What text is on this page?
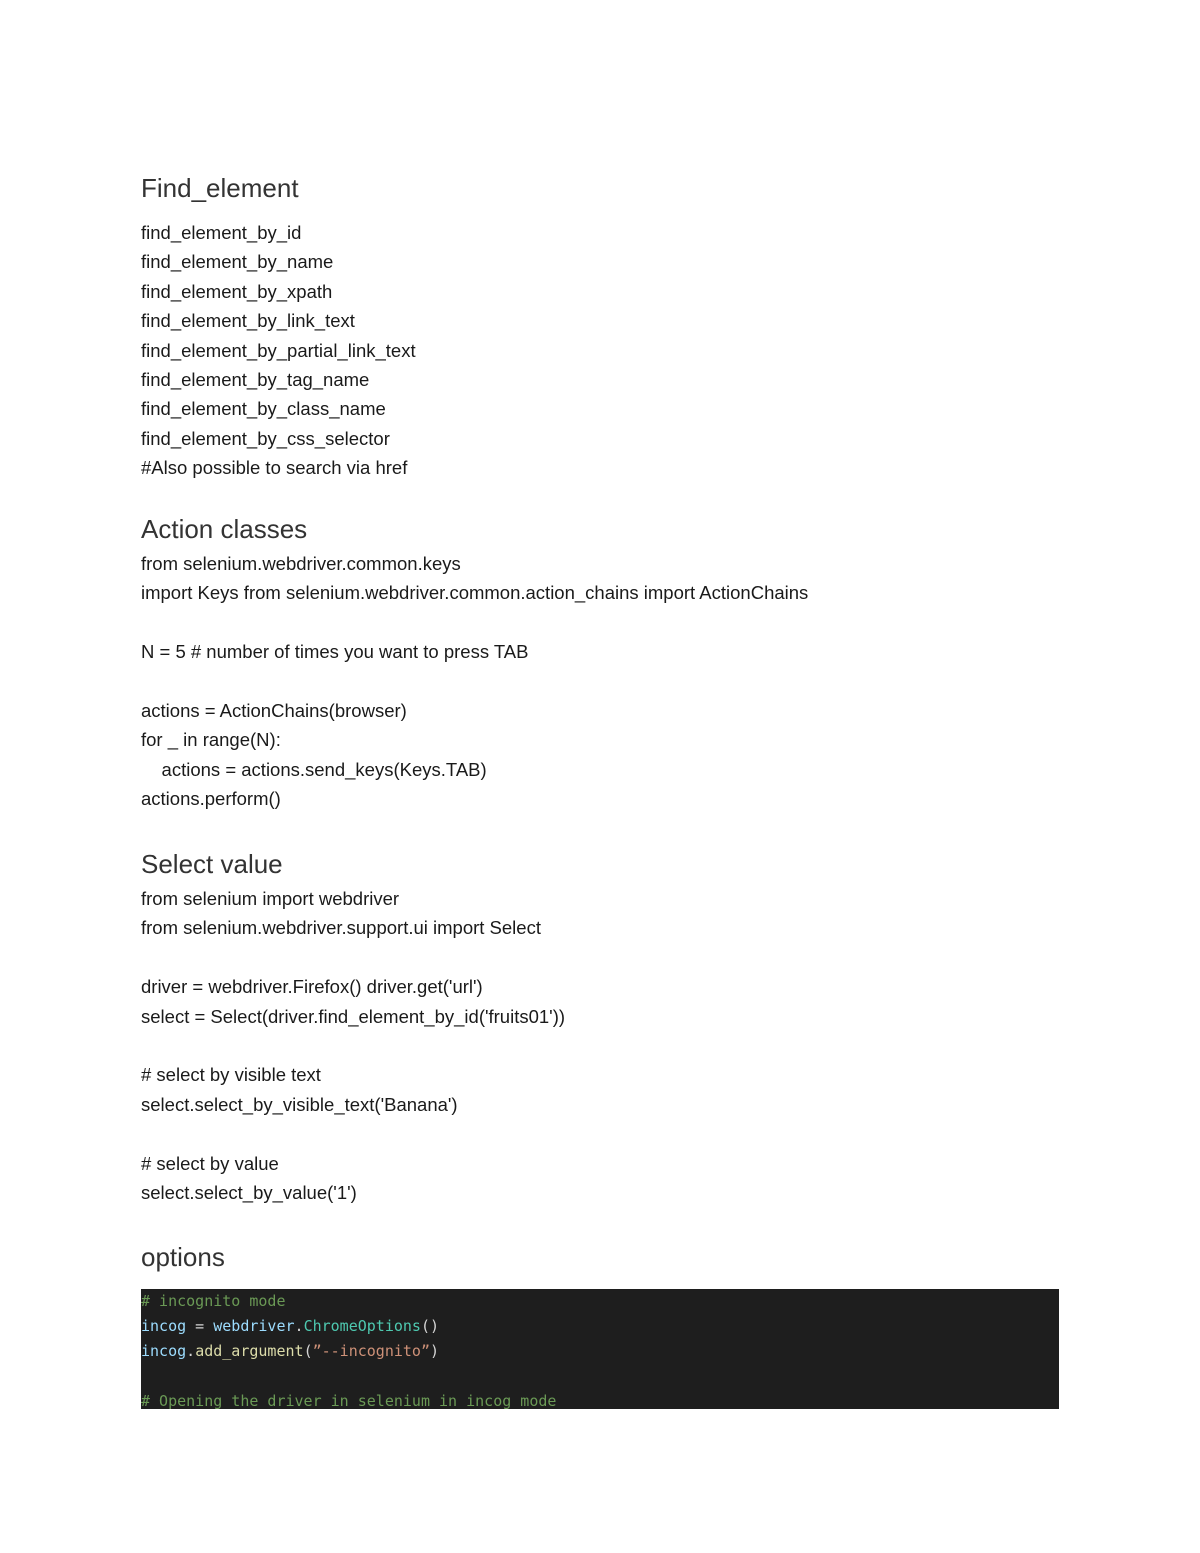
Find_element
find_element_by_id
find_element_by_name
find_element_by_xpath
find_element_by_link_text
find_element_by_partial_link_text
find_element_by_tag_name
find_element_by_class_name
find_element_by_css_selector
#Also possible to search via href
Action classes
from selenium.webdriver.common.keys
import Keys from selenium.webdriver.common.action_chains import ActionChains
N = 5 # number of times you want to press TAB
actions = ActionChains(browser)
for _ in range(N):
actions = actions.send_keys(Keys.TAB)
actions.perform()
Select value
from selenium import webdriver
from selenium.webdriver.support.ui import Select
driver = webdriver.Firefox() driver.get('url')
select = Select(driver.find_element_by_id('fruits01'))
# select by visible text
select.select_by_visible_text('Banana')
# select by value
select.select_by_value('1')
options
# incognito mode
incog = webdriver.ChromeOptions()
incog.add_argument(”--incognito”)
# Opening the driver in selenium in incog mode
